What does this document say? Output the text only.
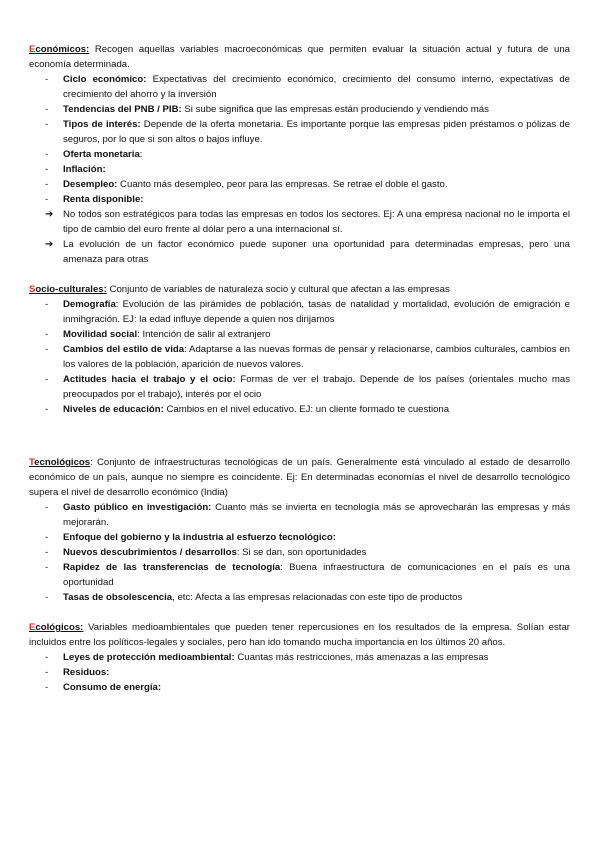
Económicos: Recogen aquellas variables macroeconómicas que permiten evaluar la situación actual y futura de una economía determinada.

- Ciclo económico: Expectativas del crecimiento económico, crecimiento del consumo interno, expectativas de crecimiento del ahorro y la inversión
- Tendencias del PNB / PIB: Si sube significa que las empresas están produciendo y vendiendo más
- Tipos de interés: Depende de la oferta monetaria. Es importante porque las empresas piden préstamos o pólizas de seguros, por lo que si son altos o bajos influye.
- Oferta monetaria:
- Inflación:
- Desempleo: Cuanto más desempleo, peor para las empresas. Se retrae el doble el gasto.
- Renta disponible:
➔ No todos son estratégicos para todas las empresas en todos los sectores. Ej: A una empresa nacional no le importa el tipo de cambio del euro frente al dólar pero a una internacional sí.
➔ La evolución de un factor económico puede suponer una oportunidad para determinadas empresas, pero una amenaza para otras

Socio-culturales: Conjunto de variables de naturaleza socio y cultural que afectan a las empresas

- Demografía: Evolución de las pirámides de población, tasas de natalidad y mortalidad, evolución de emigración e inmihgración. EJ: la edad influye depende a quien nos dirijamos
- Movilidad social: Intención de salir al extranjero
- Cambios del estilo de vida: Adaptarse a las nuevas formas de pensar y relacionarse, cambios culturales, cambios en los valores de la población, aparición de nuevos valores.
- Actitudes hacia el trabajo y el ocio: Formas de ver el trabajo. Depende de los países (orientales mucho mas preocupados por el trabajo), interés por el ocio
- Niveles de educación: Cambios en el nivel educativo. EJ: un cliente formado te cuestiona

Tecnológicos: Conjunto de infraestructuras tecnológicas de un país. Generalmente está vinculado al estado de desarrollo económico de un país, aunque no siempre es coincidente. Ej: En determinadas economías el nivel de desarrollo tecnológico supera el nivel de desarrollo económico (India)

- Gasto público en investigación: Cuanto más se invierta en tecnología más se aprovecharán las empresas y más mejorarán.
- Enfoque del gobierno y la industria al esfuerzo tecnológico:
- Nuevos descubrimientos / desarrollos: Si se dan, son oportunidades
- Rapidez de las transferencias de tecnología: Buena infraestructura de comunicaciones en el país es una oportunidad
- Tasas de obsolescencia, etc: Afecta a las empresas relacionadas con este tipo de productos

Ecológicos: Variables medioambientales que pueden tener repercusiones en los resultados de la empresa. Solían estar incluidos entre los políticos-legales y sociales, pero han ido tomando mucha importancia en los últimos 20 años.

- Leyes de protección medioambiental: Cuantas más restricciones, más amenazas a las empresas
- Residuos:
- Consumo de energía:
